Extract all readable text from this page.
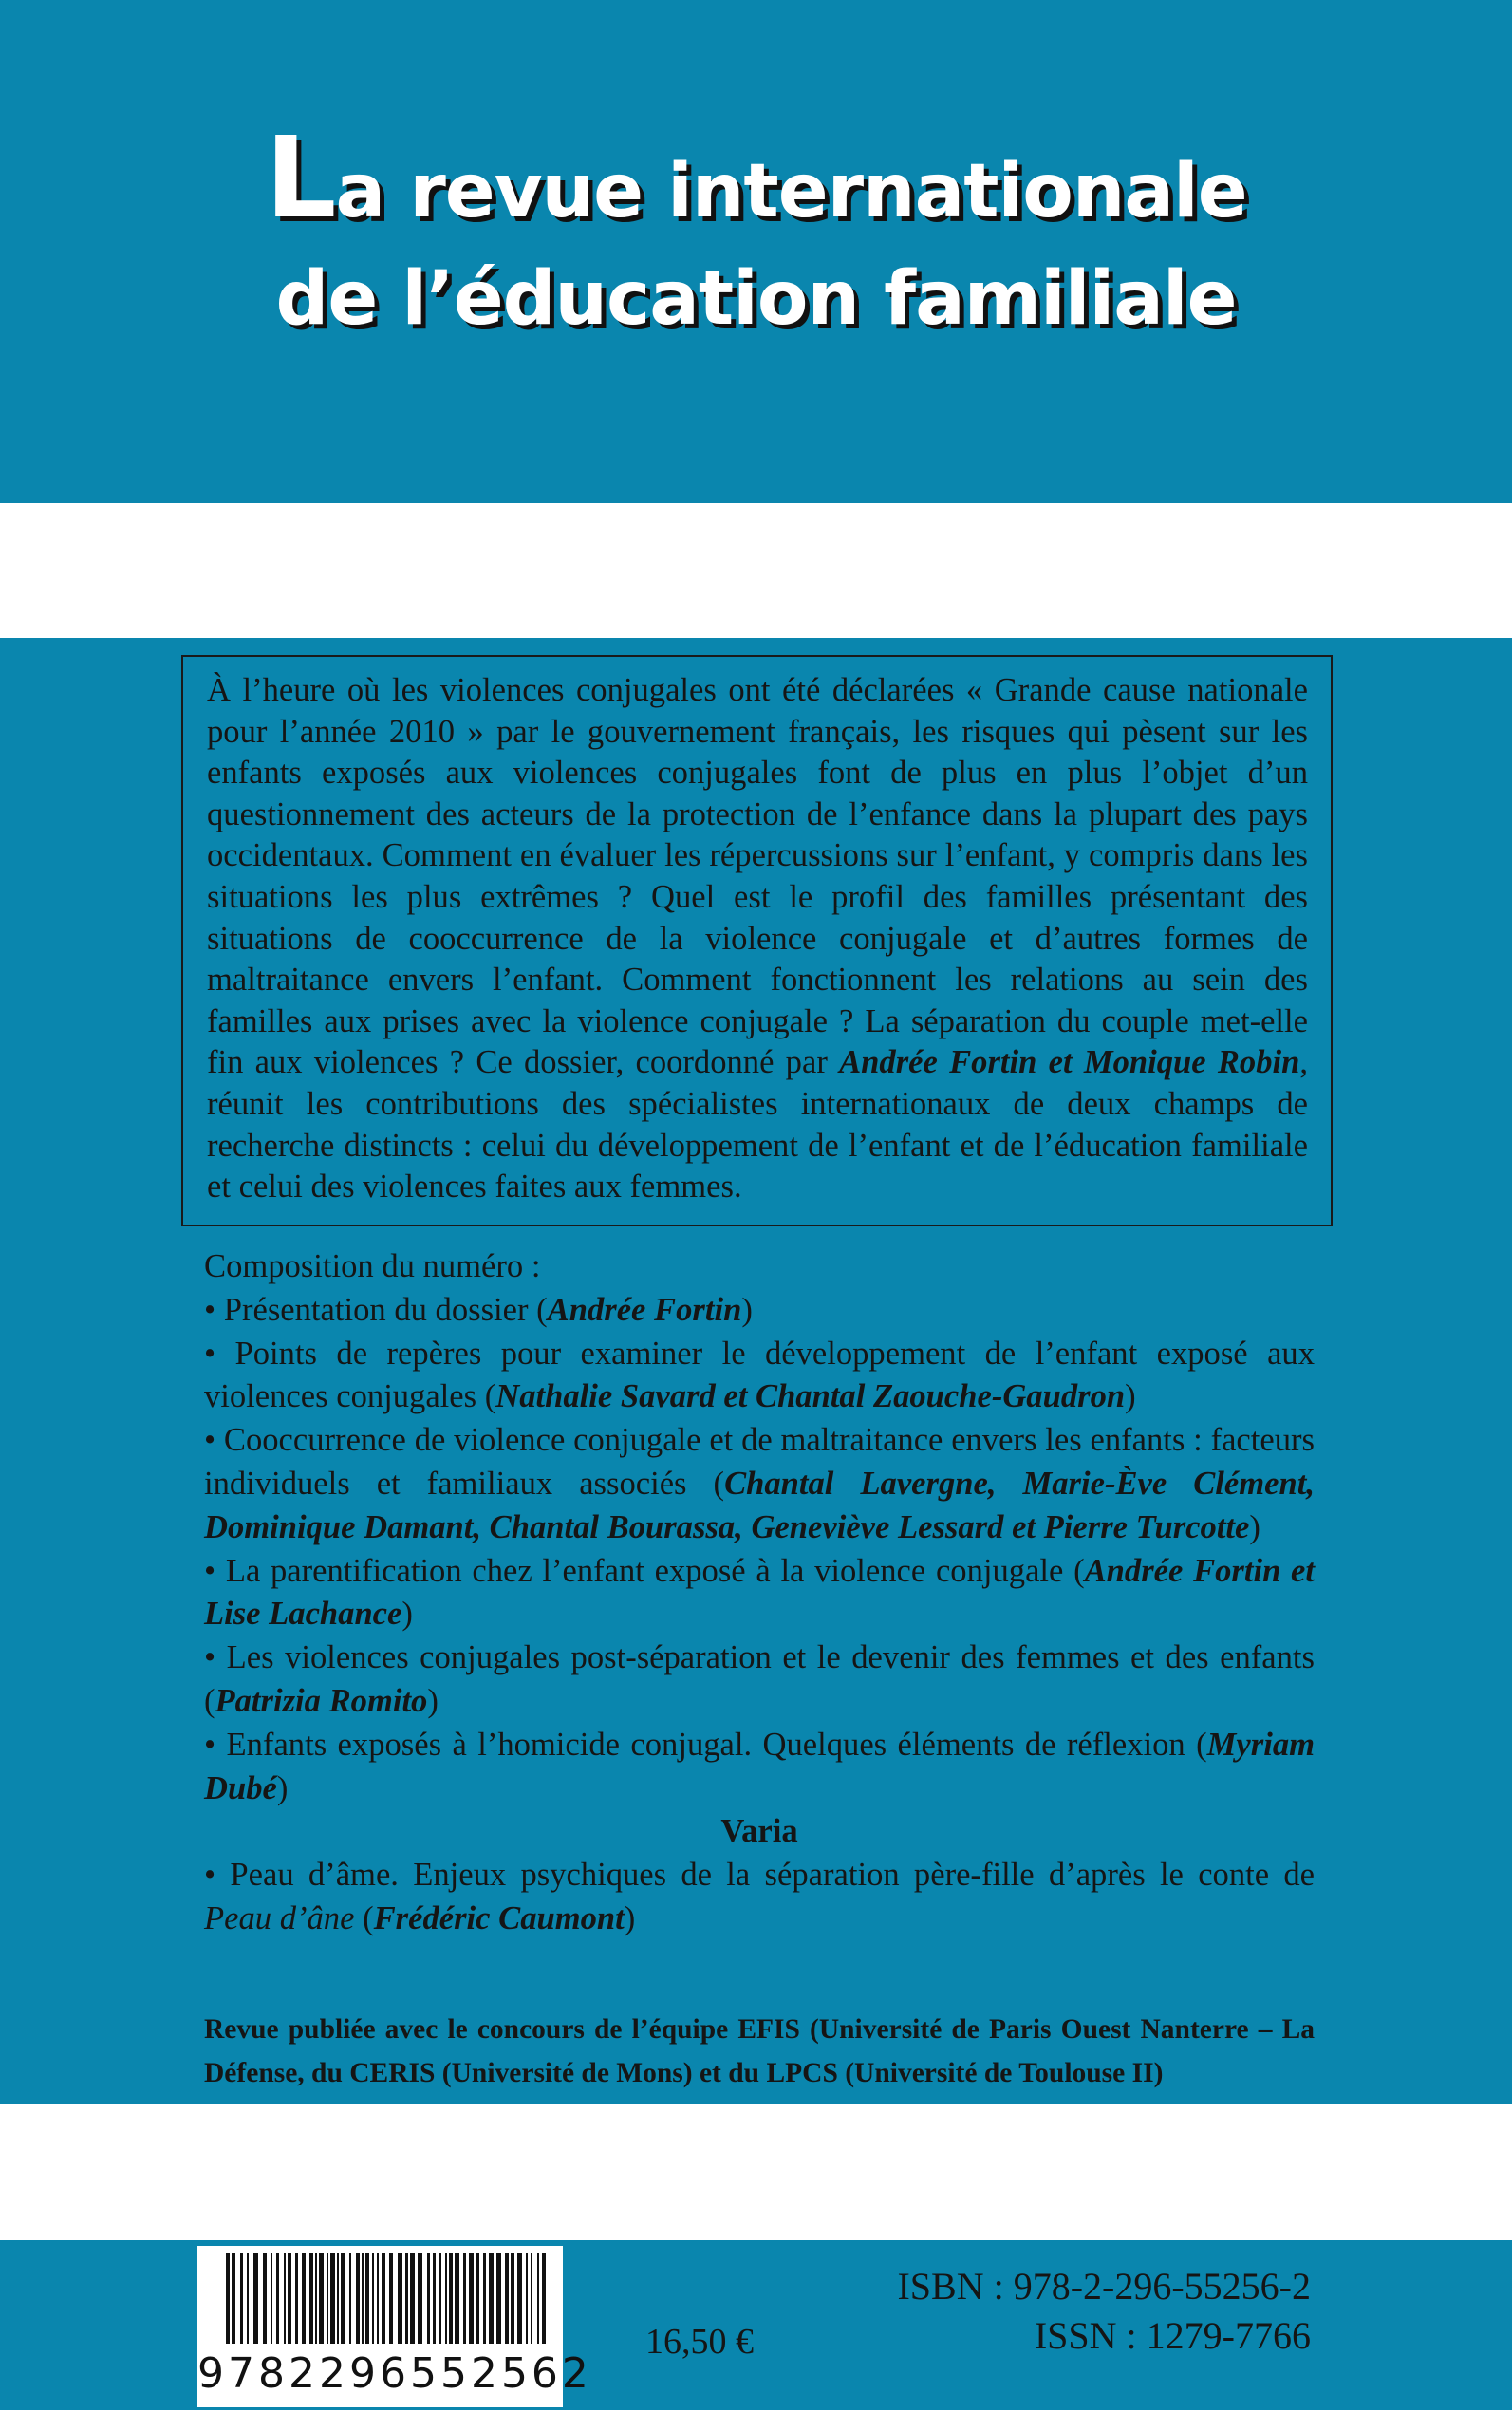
La revue internationale
de l’éducation familiale

À l’heure où les violences conjugales ont été déclarées « Grande cause nationale pour l’année 2010 » par le gouvernement français, les risques qui pèsent sur les enfants exposés aux violences conjugales font de plus en plus l’objet d’un questionnement des acteurs de la protection de l’enfance dans la plupart des pays occidentaux. Comment en évaluer les répercussions sur l’enfant, y compris dans les situations les plus extrêmes ? Quel est le profil des familles présentant des situations de cooccurrence de la violence conjugale et d’autres formes de maltraitance envers l’enfant. Comment fonctionnent les relations au sein des familles aux prises avec la violence conjugale ? La séparation du couple met-elle fin aux violences ? Ce dossier, coordonné par Andrée Fortin et Monique Robin, réunit les contributions des spécialistes internationaux de deux champs de recherche distincts : celui du développement de l’enfant et de l’éducation familiale et celui des violences faites aux femmes.

Composition du numéro :

• Présentation du dossier (Andrée Fortin)

• Points de repères pour examiner le développement de l’enfant exposé aux violences conjugales (Nathalie Savard et Chantal Zaouche-Gaudron)

• Cooccurrence de violence conjugale et de maltraitance envers les enfants : facteurs individuels et familiaux associés (Chantal Lavergne, Marie-Ève Clément, Dominique Damant, Chantal Bourassa, Geneviève Lessard et Pierre Turcotte)

• La parentification chez l’enfant exposé à la violence conjugale (Andrée Fortin et Lise Lachance)

• Les violences conjugales post-séparation et le devenir des femmes et des enfants (Patrizia Romito)

• Enfants exposés à l’homicide conjugal. Quelques éléments de réflexion (Myriam Dubé)

Varia

• Peau d’âme. Enjeux psychiques de la séparation père-fille d’après le conte de Peau d’âne (Frédéric Caumont)

Revue publiée avec le concours de l’équipe EFIS (Université de Paris Ouest Nanterre – La Défense, du CERIS (Université de Mons) et du LPCS (Université de Toulouse II)

9782296552562
16,50 €
ISBN : 978-2-296-55256-2
ISSN : 1279-7766
